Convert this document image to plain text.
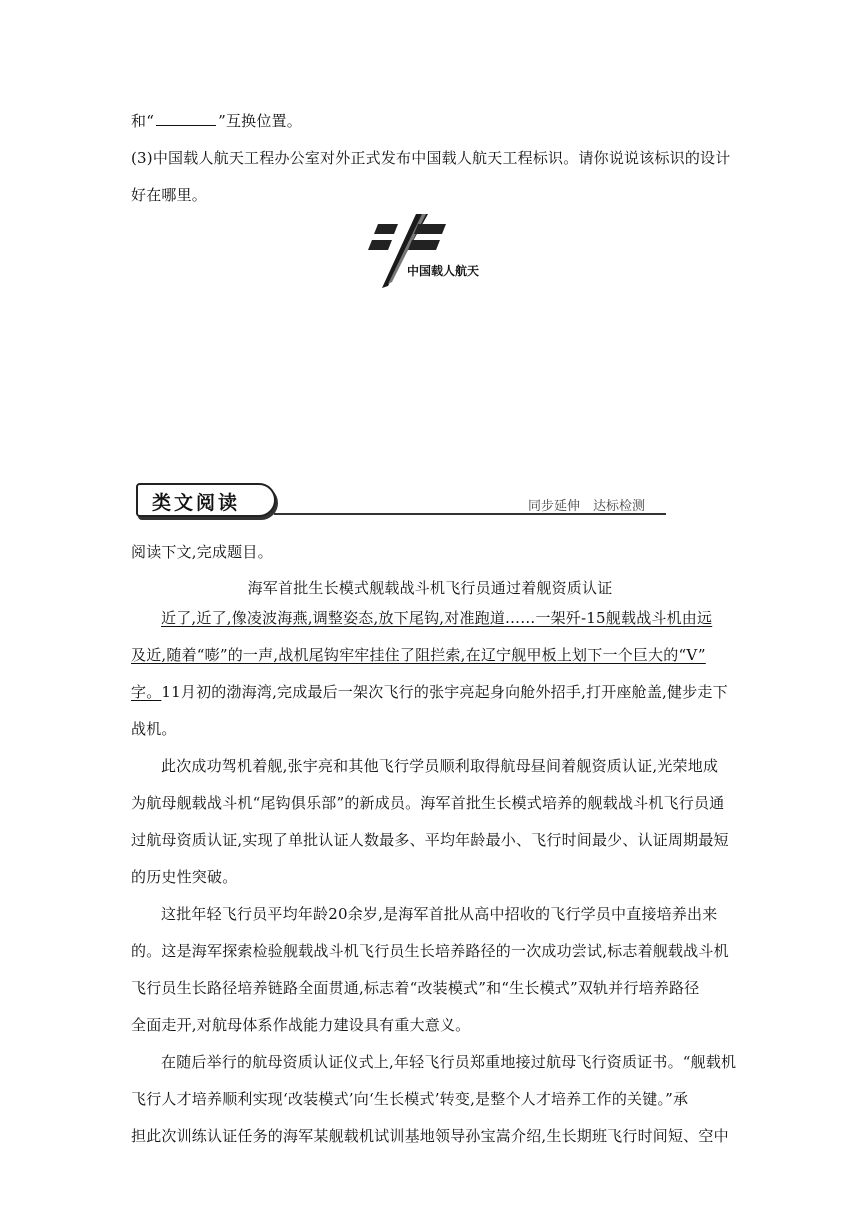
和“	”互换位置。
(3)中国载人航天工程办公室对外正式发布中国载人航天工程标识。请你说说该标识的设计
好在哪里。
中国载人航天
类文阅读	同步延伸　达标检测
阅读下文,完成题目。
海军首批生长模式舰载战斗机飞行员通过着舰资质认证
近了,近了,像凌波海燕,调整姿态,放下尾钩,对准跑道……一架歼-15舰载战斗机由远
及近,随着“嘭”的一声,战机尾钩牢牢挂住了阻拦索,在辽宁舰甲板上划下一个巨大的“V”
字。11月初的渤海湾,完成最后一架次飞行的张宇亮起身向舱外招手,打开座舱盖,健步走下
战机。
此次成功驾机着舰,张宇亮和其他飞行学员顺利取得航母昼间着舰资质认证,光荣地成
为航母舰载战斗机“尾钩俱乐部”的新成员。海军首批生长模式培养的舰载战斗机飞行员通
过航母资质认证,实现了单批认证人数最多、平均年龄最小、飞行时间最少、认证周期最短
的历史性突破。
这批年轻飞行员平均年龄20余岁,是海军首批从高中招收的飞行学员中直接培养出来
的。这是海军探索检验舰载战斗机飞行员生长培养路径的一次成功尝试,标志着舰载战斗机
飞行员生长路径培养链路全面贯通,标志着“改装模式”和“生长模式”双轨并行培养路径
全面走开,对航母体系作战能力建设具有重大意义。
在随后举行的航母资质认证仪式上,年轻飞行员郑重地接过航母飞行资质证书。“舰载机
飞行人才培养顺利实现‘改装模式’向‘生长模式’转变,是整个人才培养工作的关键。”承
担此次训练认证任务的海军某舰载机试训基地领导孙宝嵩介绍,生长期班飞行时间短、空中
